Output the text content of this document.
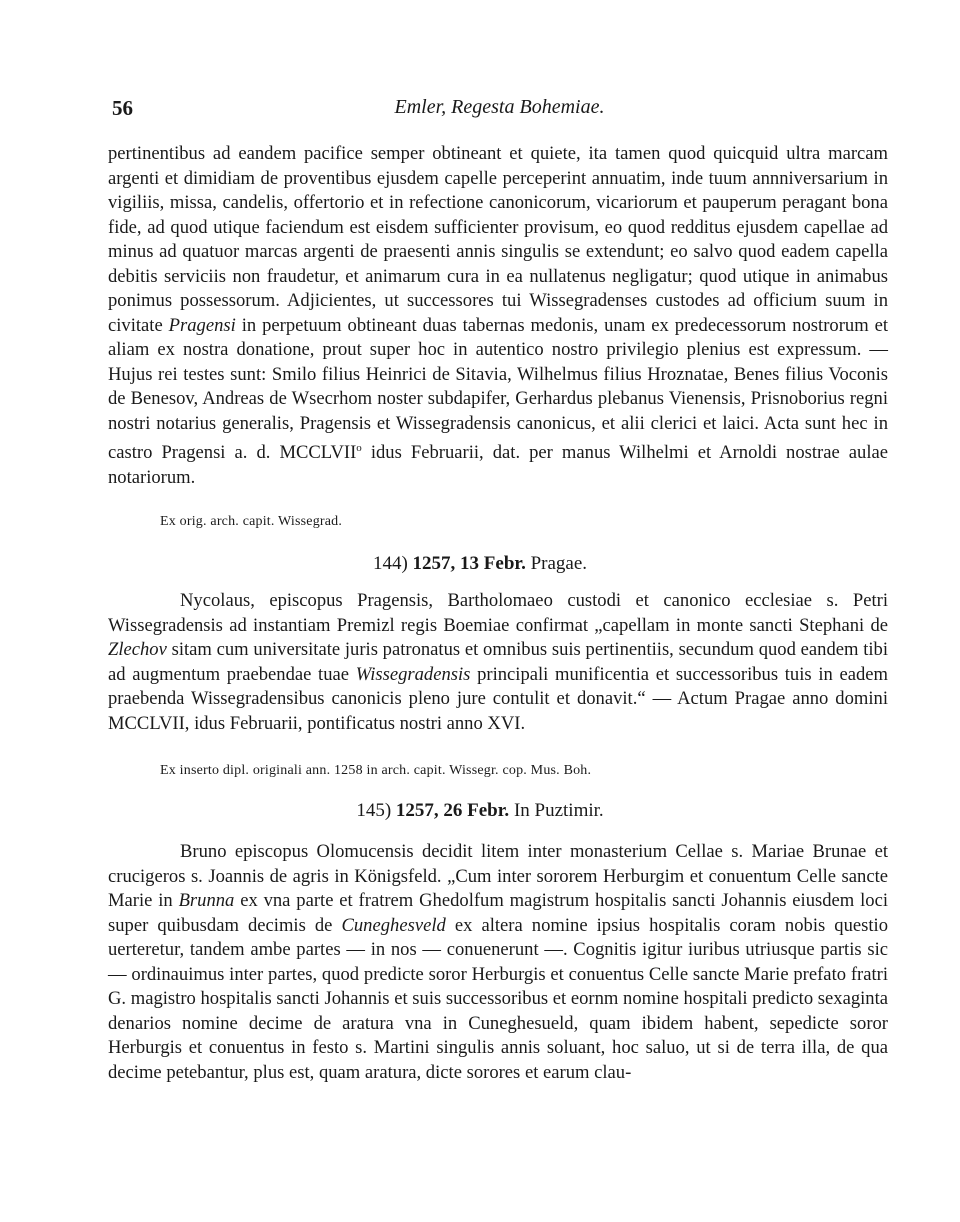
56	Emler, Regesta Bohemiae.
pertinentibus ad eandem pacifice semper obtineant et quiete, ita tamen quod quicquid ultra marcam argenti et dimidiam de proventibus ejusdem capelle perceperint annuatim, inde tuum annniversarium in vigiliis, missa, candelis, offertorio et in refectione canonicorum, vicariorum et pauperum peragant bona fide, ad quod utique faciendum est eisdem sufficienter provisum, eo quod redditus ejusdem capellae ad minus ad quatuor marcas argenti de praesenti annis singulis se extendunt; eo salvo quod eadem capella debitis serviciis non fraudetur, et animarum cura in ea nullatenus negligatur; quod utique in animabus ponimus possessorum. Adjicientes, ut successores tui Wissegradenses custodes ad officium suum in civitate Pragensi in perpetuum obtineant duas tabernas medonis, unam ex predecessorum nostrorum et aliam ex nostra donatione, prout super hoc in autentico nostro privilegio plenius est expressum. — Hujus rei testes sunt: Smilo filius Heinrici de Sitavia, Wilhelmus filius Hroznatae, Benes filius Voconis de Benesov, Andreas de Wsecrhom noster subdapifer, Gerhardus plebanus Vienensis, Prisnoborius regni nostri notarius generalis, Pragensis et Wissegradensis canonicus, et alii clerici et laici. Acta sunt hec in castro Pragensi a. d. MCCLVII$^o$ idus Februarii, dat. per manus Wilhelmi et Arnoldi nostrae aulae notariorum.
Ex orig. arch. capit. Wissegrad.
144) 1257, 13 Febr. Pragae.
Nycolaus, episcopus Pragensis, Bartholomaeo custodi et canonico ecclesiae s. Petri Wissegradensis ad instantiam Premizl regis Boemiae confirmat „capellam in monte sancti Stephani de Zlechov sitam cum universitate juris patronatus et omnibus suis pertinentiis, secundum quod eandem tibi ad augmentum praebendae tuae Wissegradensis principali munificentia et successoribus tuis in eadem praebenda Wissegradensibus canonicis pleno jure contulit et donavit.“ — Actum Pragae anno domini MCCLVII, idus Februarii, pontificatus nostri anno XVI.
Ex inserto dipl. originali ann. 1258 in arch. capit. Wissegr. cop. Mus. Boh.
145) 1257, 26 Febr. In Puztimir.
Bruno episcopus Olomucensis decidit litem inter monasterium Cellae s. Mariae Brunae et crucigeros s. Joannis de agris in Königsfeld. „Cum inter sororem Herburgim et conuentum Celle sancte Marie in Brunna ex vna parte et fratrem Ghedolfum magistrum hospitalis sancti Johannis eiusdem loci super quibusdam decimis de Cuneghesveld ex altera nomine ipsius hospitalis coram nobis questio uerteretur, tandem ambe partes — in nos — conuenerunt —. Cognitis igitur iuribus utriusque partis sic — ordinauimus inter partes, quod predicte soror Herburgis et conuentus Celle sancte Marie prefato fratri G. magistro hospitalis sancti Johannis et suis successoribus et eornm nomine hospitali predicto sexaginta denarios nomine decime de aratura vna in Cuneghesueld, quam ibidem habent, sepedicte soror Herburgis et conuentus in festo s. Martini singulis annis soluant, hoc saluo, ut si de terra illa, de qua decime petebantur, plus est, quam aratura, dicte sorores et earum clau-
